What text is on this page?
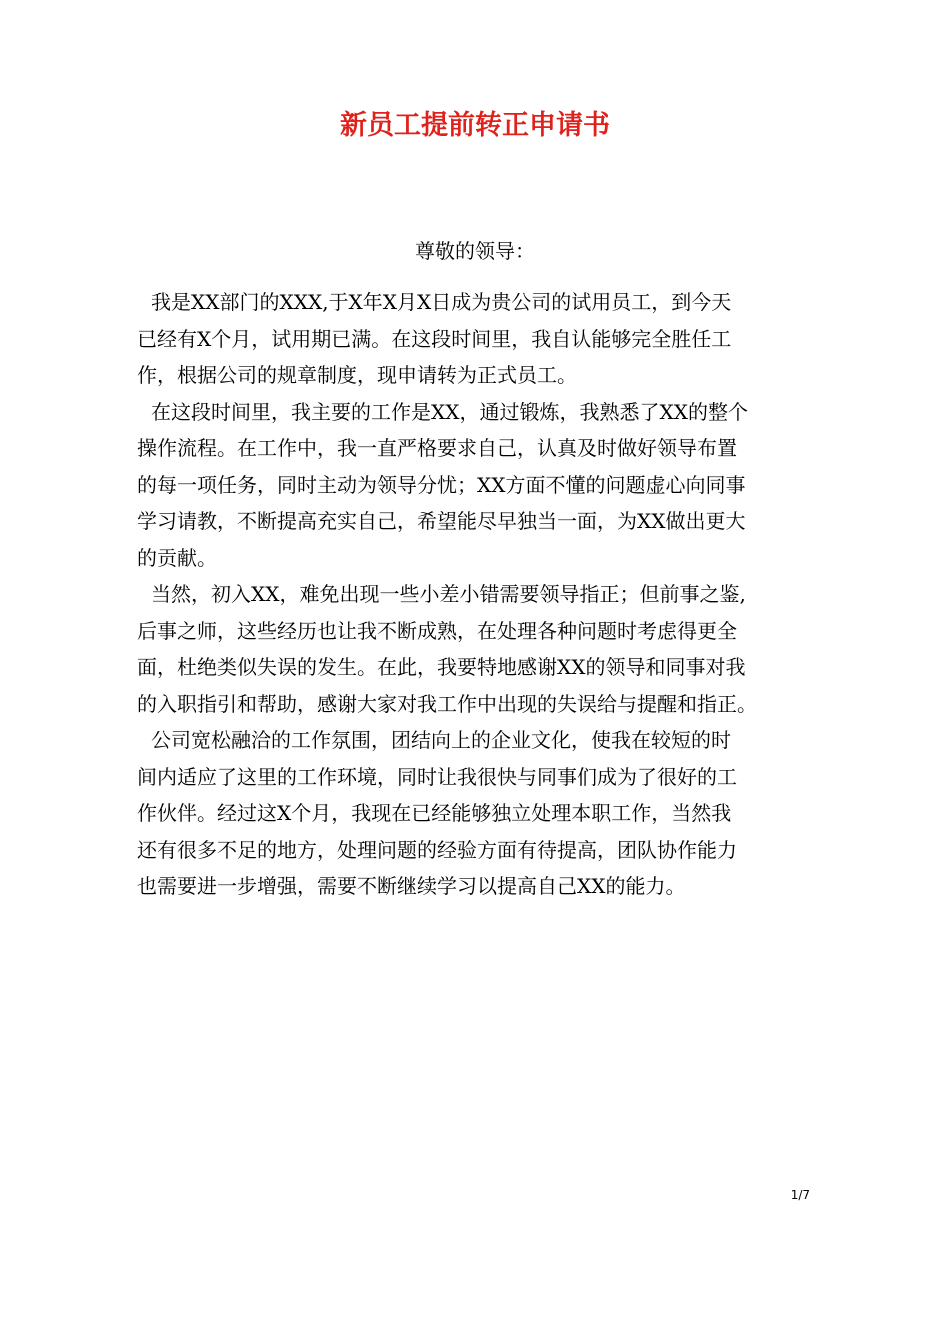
新员工提前转正申请书
尊敬的领导：

我是XX部门的XXX,于X年X月X日成为贵公司的试用员工，到今天
已经有X个月，试用期已满。在这段时间里，我自认能够完全胜任工
作，根据公司的规章制度，现申请转为正式员工。

在这段时间里，我主要的工作是XX，通过锻炼，我熟悉了XX的整个
操作流程。在工作中，我一直严格要求自己，认真及时做好领导布置
的每一项任务，同时主动为领导分忧；XX方面不懂的问题虚心向同事
学习请教，不断提高充实自己，希望能尽早独当一面，为XX做出更大
的贡献。

当然，初入XX，难免出现一些小差小错需要领导指正；但前事之鉴,
后事之师，这些经历也让我不断成熟，在处理各种问题时考虑得更全
面，杜绝类似失误的发生。在此，我要特地感谢XX的领导和同事对我
的入职指引和帮助，感谢大家对我工作中出现的失误给与提醒和指正。

公司宽松融洽的工作氛围，团结向上的企业文化，使我在较短的时
间内适应了这里的工作环境，同时让我很快与同事们成为了很好的工
作伙伴。经过这X个月，我现在已经能够独立处理本职工作，当然我
还有很多不足的地方，处理问题的经验方面有待提高，团队协作能力
也需要进一步增强，需要不断继续学习以提高自己XX的能力。

1/7
